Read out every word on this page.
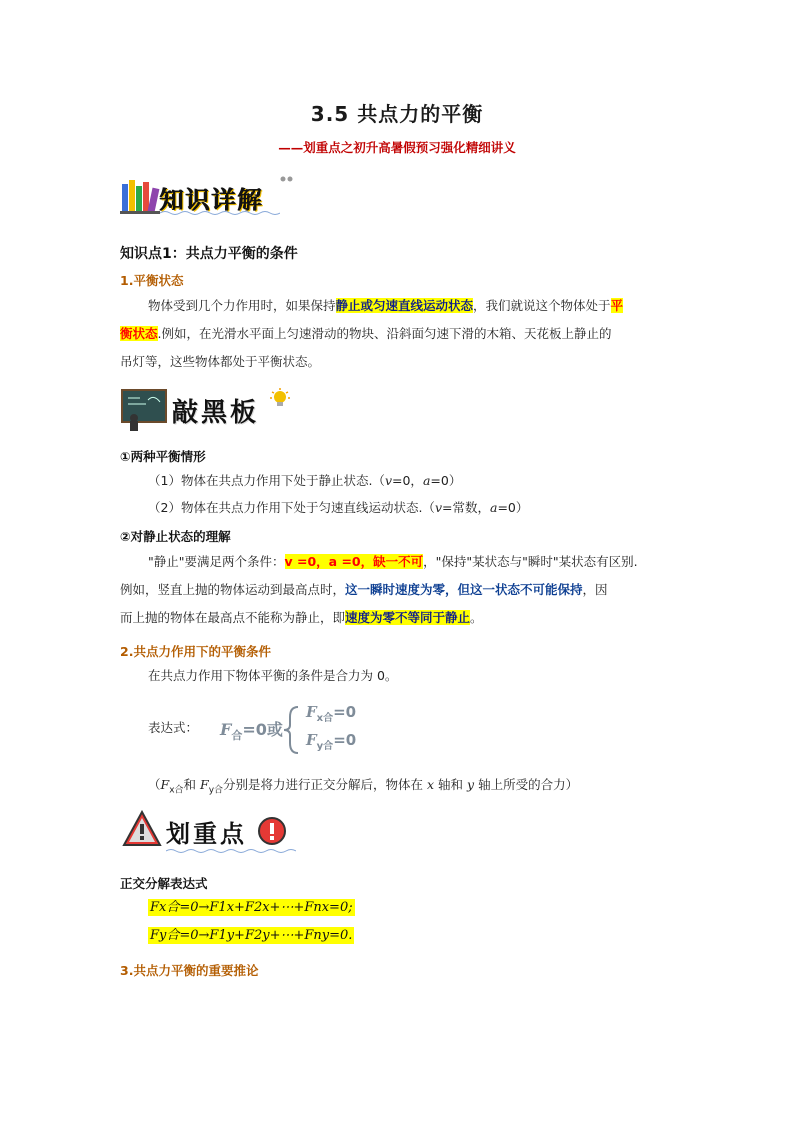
3.5 共点力的平衡
——划重点之初升高暑假预习强化精细讲义
知识详解
知识点1：共点力平衡的条件
1.平衡状态
物体受到几个力作用时，如果保持静止或匀速直线运动状态，我们就说这个物体处于平
衡状态.例如，在光滑水平面上匀速滑动的物块、沿斜面匀速下滑的木箱、天花板上静止的
吊灯等，这些物体都处于平衡状态。
敲黑板
①两种平衡情形
（1）物体在共点力作用下处于静止状态.（v=0，a=0）
（2）物体在共点力作用下处于匀速直线运动状态.（v=常数，a=0）
②对静止状态的理解
"静止"要满足两个条件：v =0，a =0，缺一不可，"保持"某状态与"瞬时"某状态有区别.
例如，竖直上抛的物体运动到最高点时，这一瞬时速度为零，但这一状态不可能保持，因
而上抛的物体在最高点不能称为静止，即速度为零不等同于静止。
2.共点力作用下的平衡条件
在共点力作用下物体平衡的条件是合力为 0。
表达式： $F_合=0$或
$F_{x合}=0$
$F_{y合}=0$
（$F_{x合}$和 $F_{y合}$分别是将力进行正交分解后，物体在 x 轴和 y 轴上所受的合力）
划重点
正交分解表达式
Fx合=0→F1x+F2x+⋯+Fnx=0;
Fy合=0→F1y+F2y+⋯+Fny=0.
3.共点力平衡的重要推论
